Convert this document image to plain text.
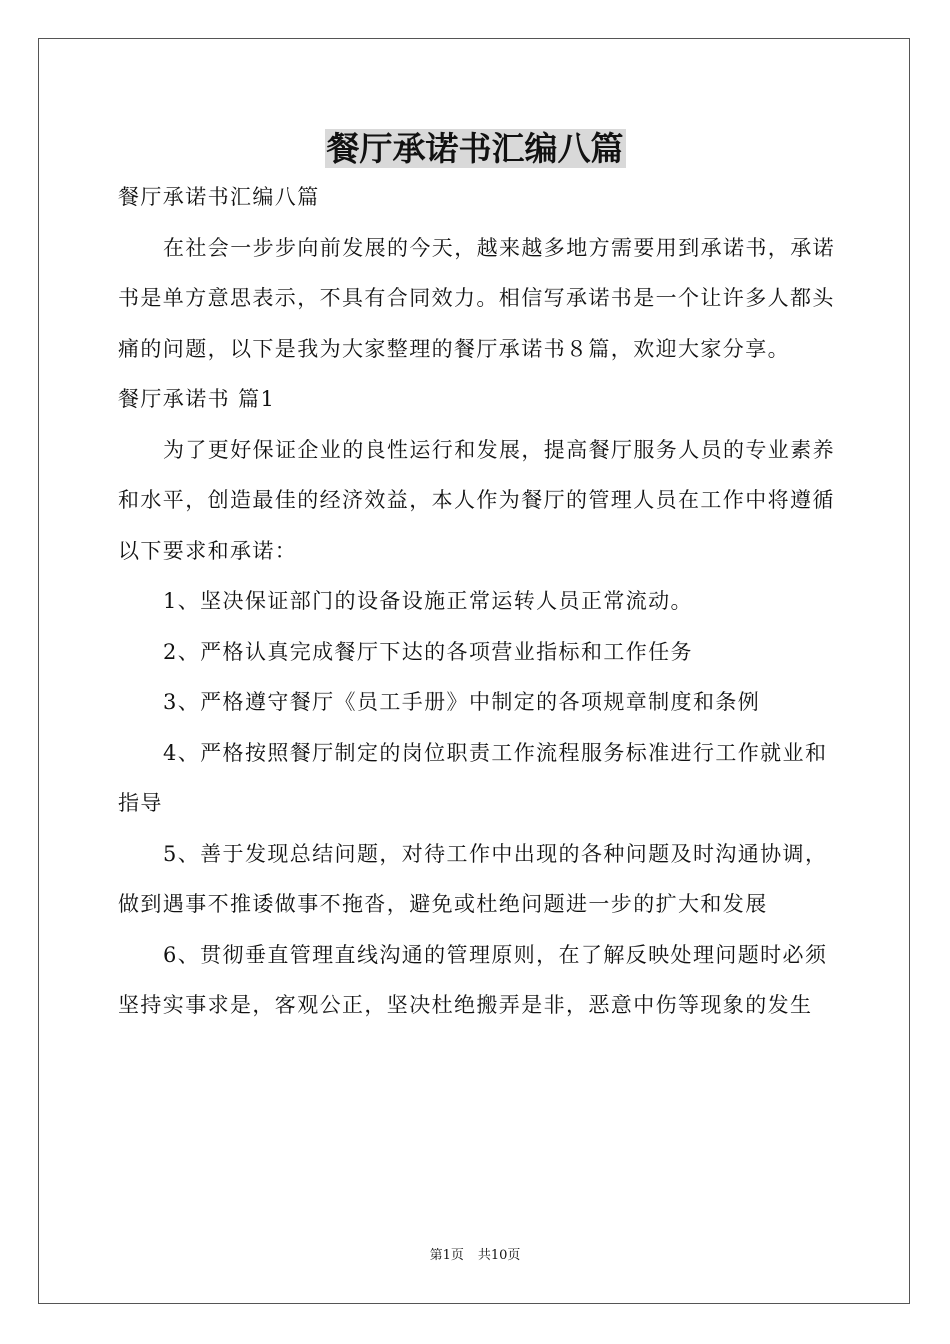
餐厅承诺书汇编八篇

餐厅承诺书汇编八篇

在社会一步步向前发展的今天，越来越多地方需要用到承诺书，承诺书是单方意思表示，不具有合同效力。相信写承诺书是一个让许多人都头痛的问题，以下是我为大家整理的餐厅承诺书８篇，欢迎大家分享。

餐厅承诺书 篇1

为了更好保证企业的良性运行和发展，提高餐厅服务人员的专业素养和水平，创造最佳的经济效益，本人作为餐厅的管理人员在工作中将遵循以下要求和承诺：

1、坚决保证部门的设备设施正常运转人员正常流动。

2、严格认真完成餐厅下达的各项营业指标和工作任务

3、严格遵守餐厅《员工手册》中制定的各项规章制度和条例

4、严格按照餐厅制定的岗位职责工作流程服务标准进行工作就业和指导

5、善于发现总结问题，对待工作中出现的各种问题及时沟通协调，做到遇事不推诿做事不拖沓，避免或杜绝问题进一步的扩大和发展

6、贯彻垂直管理直线沟通的管理原则，在了解反映处理问题时必须坚持实事求是，客观公正，坚决杜绝搬弄是非，恶意中伤等现象的发生

第1页 共10页
